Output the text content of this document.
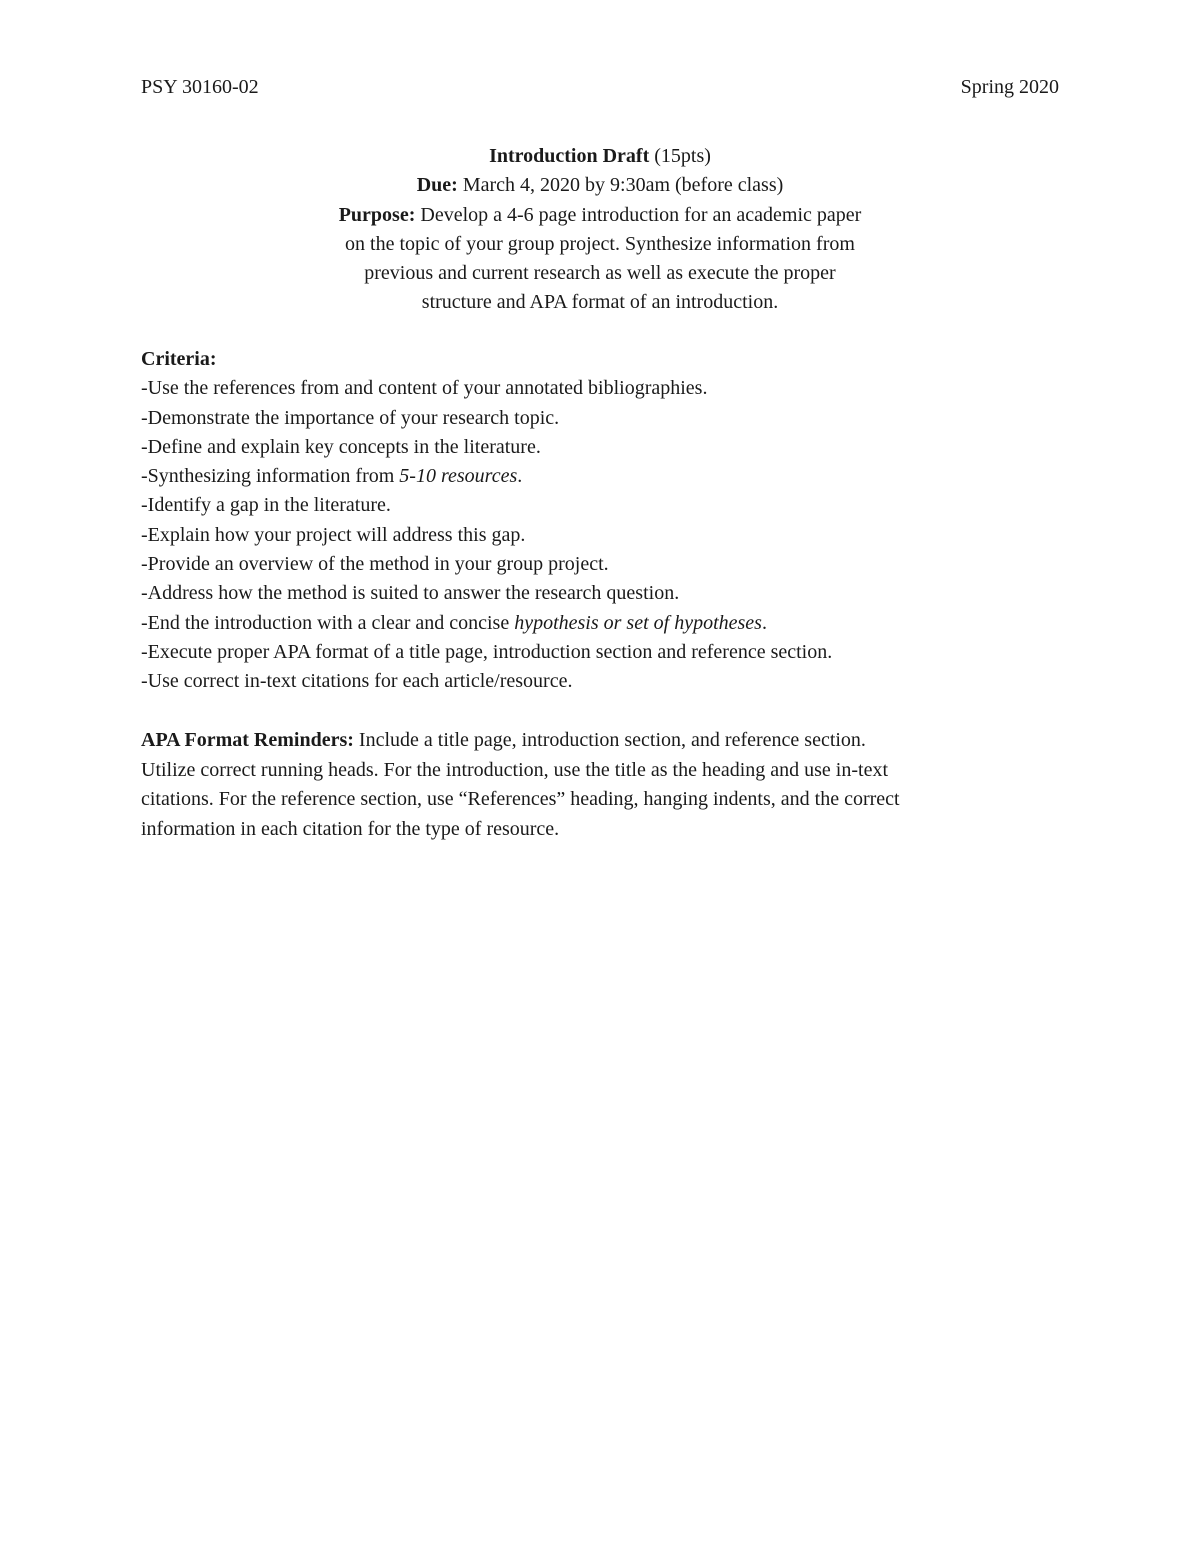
PSY 30160-02	Spring 2020
Introduction Draft (15pts)
Due: March 4, 2020 by 9:30am (before class)
Purpose: Develop a 4-6 page introduction for an academic paper
on the topic of your group project. Synthesize information from
previous and current research as well as execute the proper
structure and APA format of an introduction.
Criteria:
-Use the references from and content of your annotated bibliographies.
-Demonstrate the importance of your research topic.
-Define and explain key concepts in the literature.
-Synthesizing information from 5-10 resources.
-Identify a gap in the literature.
-Explain how your project will address this gap.
-Provide an overview of the method in your group project.
-Address how the method is suited to answer the research question.
-End the introduction with a clear and concise hypothesis or set of hypotheses.
-Execute proper APA format of a title page, introduction section and reference section.
-Use correct in-text citations for each article/resource.
APA Format Reminders: Include a title page, introduction section, and reference section.
Utilize correct running heads. For the introduction, use the title as the heading and use in-text
citations. For the reference section, use “References” heading, hanging indents, and the correct
information in each citation for the type of resource.
